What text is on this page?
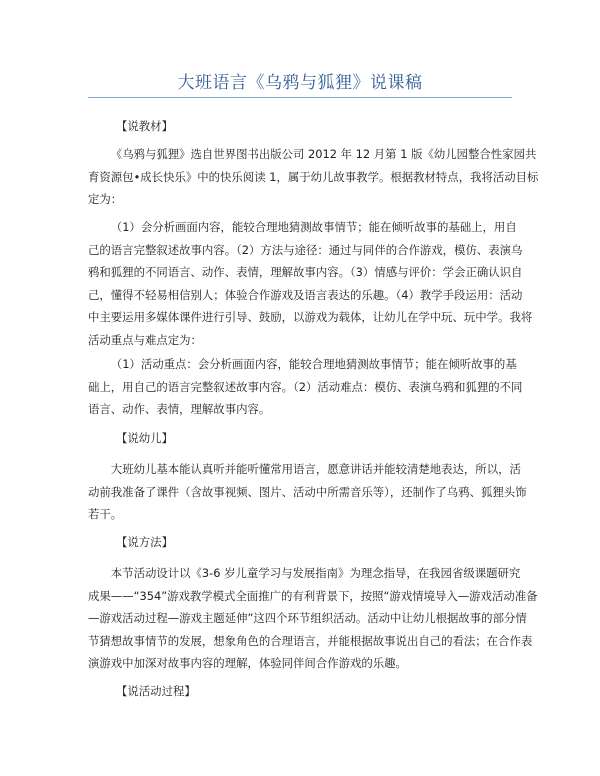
大班语言《乌鸦与狐狸》说课稿
【说教材】
《乌鸦与狐狸》选自世界图书出版公司 2012 年 12 月第 1 版《幼儿园整合性家园共
育资源包•成长快乐》中的快乐阅读 1，属于幼儿故事教学。根据教材特点，我将活动目标
定为：
（1）会分析画面内容，能较合理地猜测故事情节；能在倾听故事的基础上，用自
己的语言完整叙述故事内容。（2）方法与途径：通过与同伴的合作游戏，模仿、表演乌
鸦和狐狸的不同语言、动作、表情，理解故事内容。（3）情感与评价：学会正确认识自
己，懂得不轻易相信别人；体验合作游戏及语言表达的乐趣。（4）教学手段运用：活动
中主要运用多媒体课件进行引导、鼓励，以游戏为载体，让幼儿在学中玩、玩中学。我将
活动重点与难点定为：
（1）活动重点：会分析画面内容，能较合理地猜测故事情节；能在倾听故事的基
础上，用自己的语言完整叙述故事内容。（2）活动难点：模仿、表演乌鸦和狐狸的不同
语言、动作、表情，理解故事内容。
【说幼儿】
大班幼儿基本能认真听并能听懂常用语言，愿意讲话并能较清楚地表达，所以，活
动前我准备了课件（含故事视频、图片、活动中所需音乐等），还制作了乌鸦、狐狸头饰
若干。
【说方法】
本节活动设计以《3-6 岁儿童学习与发展指南》为理念指导，在我园省级课题研究
成果——“354”游戏教学模式全面推广的有利背景下，按照“游戏情境导入—游戏活动准备
—游戏活动过程—游戏主题延伸”这四个环节组织活动。活动中让幼儿根据故事的部分情
节猜想故事情节的发展，想象角色的合理语言，并能根据故事说出自己的看法；在合作表
演游戏中加深对故事内容的理解，体验同伴间合作游戏的乐趣。
【说活动过程】
